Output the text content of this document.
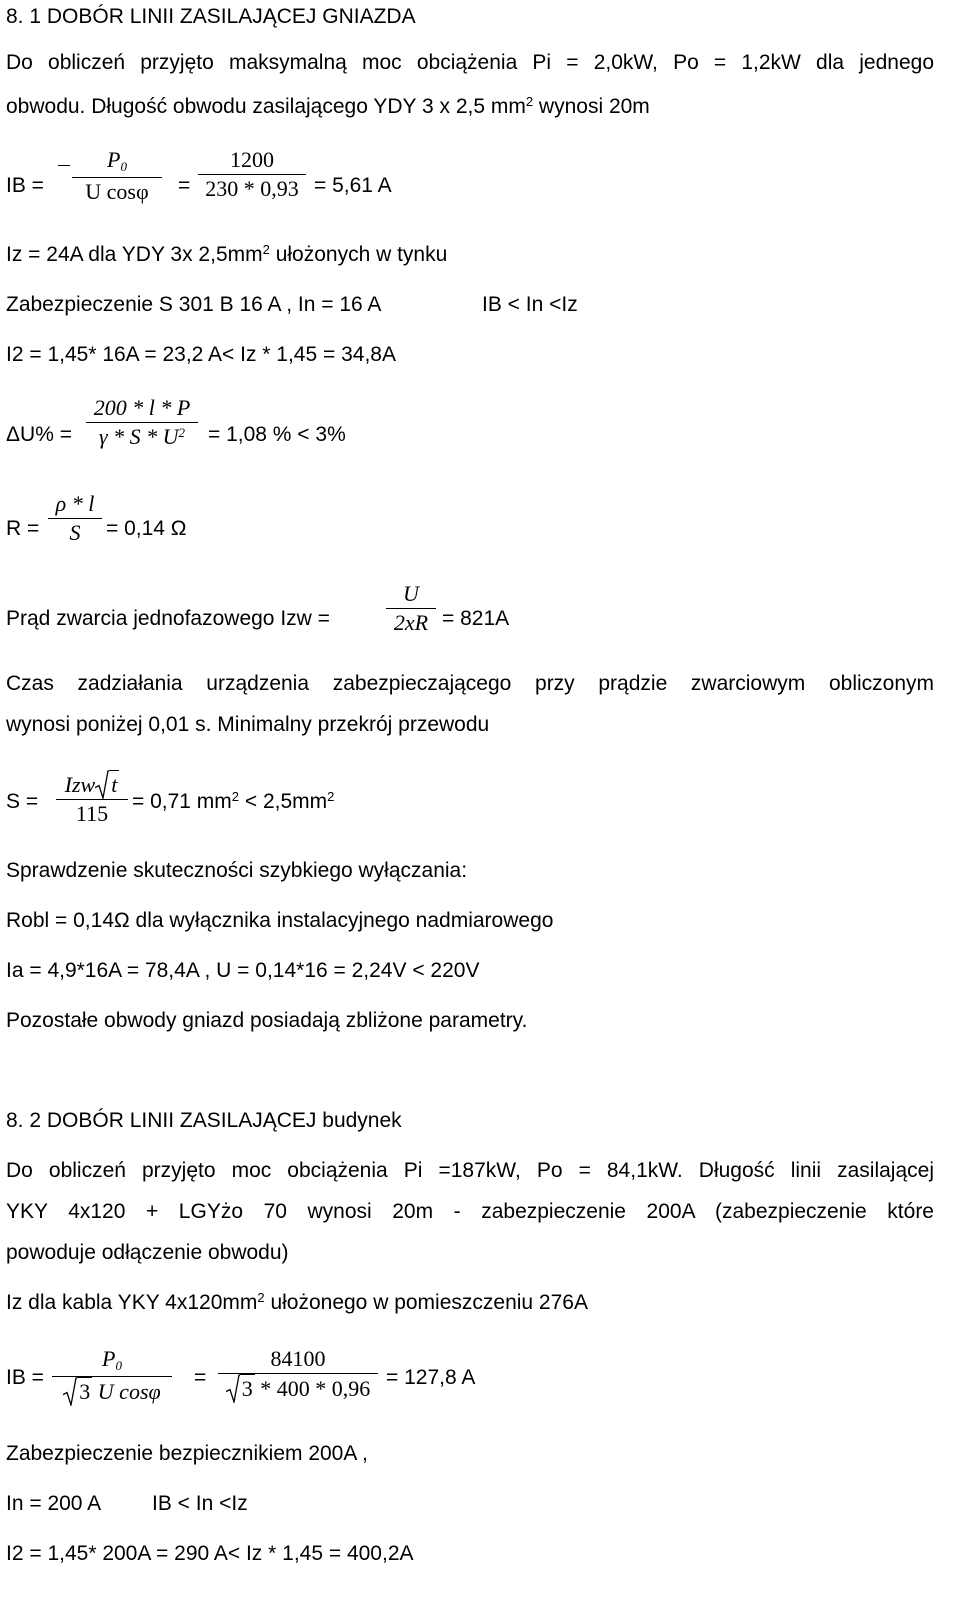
8. 1 DOBÓR LINII ZASILAJĄCEJ GNIAZDA
Do obliczeń przyjęto maksymalną moc obciążenia Pi = 2,0kW, Po = 1,2kW dla jednego
obwodu. Długość obwodu zasilającego YDY 3 x 2,5 $mm^2$ wynosi 20m
IB =
$P_0$
U cosφ	=
1200
230 * 0,93 = 5,61 A
Iz = 24A dla YDY 3x $2,5mm^2$ ułożonych w tynku
Zabezpieczenie S 301 B 16 A , In = 16 A	IB < In <Iz
I2 = 1,45* 16A = 23,2 A< Iz * 1,45 = 34,8A
ΔU% =
200 * l * P
γ * S * $U^2$	= 1,08 % < 3%
R =
ρ * l
S	= 0,14 Ω
Prąd zwarcia jednofazowego Izw =
U
2xR = 821A
Czas zadziałania urządzenia zabezpieczającego przy prądzie zwarciowym obliczonym
wynosi poniżej 0,01 s. Minimalny przekrój przewodu
S =
Izw t
115	= 0,71 $mm^2 < 2,5mm^2$
Sprawdzenie skuteczności szybkiego wyłączania:
Robl = 0,14Ω dla wyłącznika instalacyjnego nadmiarowego
Ia = 4,9*16A = 78,4A , U = 0,14*16 = 2,24V < 220V
Pozostałe obwody gniazd posiadają zbliżone parametry.
8. 2 DOBÓR LINII ZASILAJĄCEJ budynek
Do obliczeń przyjęto moc obciążenia Pi =187kW, Po = 84,1kW. Długość linii zasilającej
YKY 4x120 + LGYżo 70 wynosi 20m - zabezpieczenie 200A (zabezpieczenie które
powoduje odłączenie obwodu)
Iz dla kabla YKY $4x120mm^2$ ułożonego w pomieszczeniu 276A
IB =
$P_0$
3 U cosφ
=
84100
3 * 400 * 0,96 = 127,8 A
Zabezpieczenie bezpiecznikiem 200A ,
In = 200 A IB < In <Iz
I2 = 1,45* 200A = 290 A< Iz * 1,45 = 400,2A
